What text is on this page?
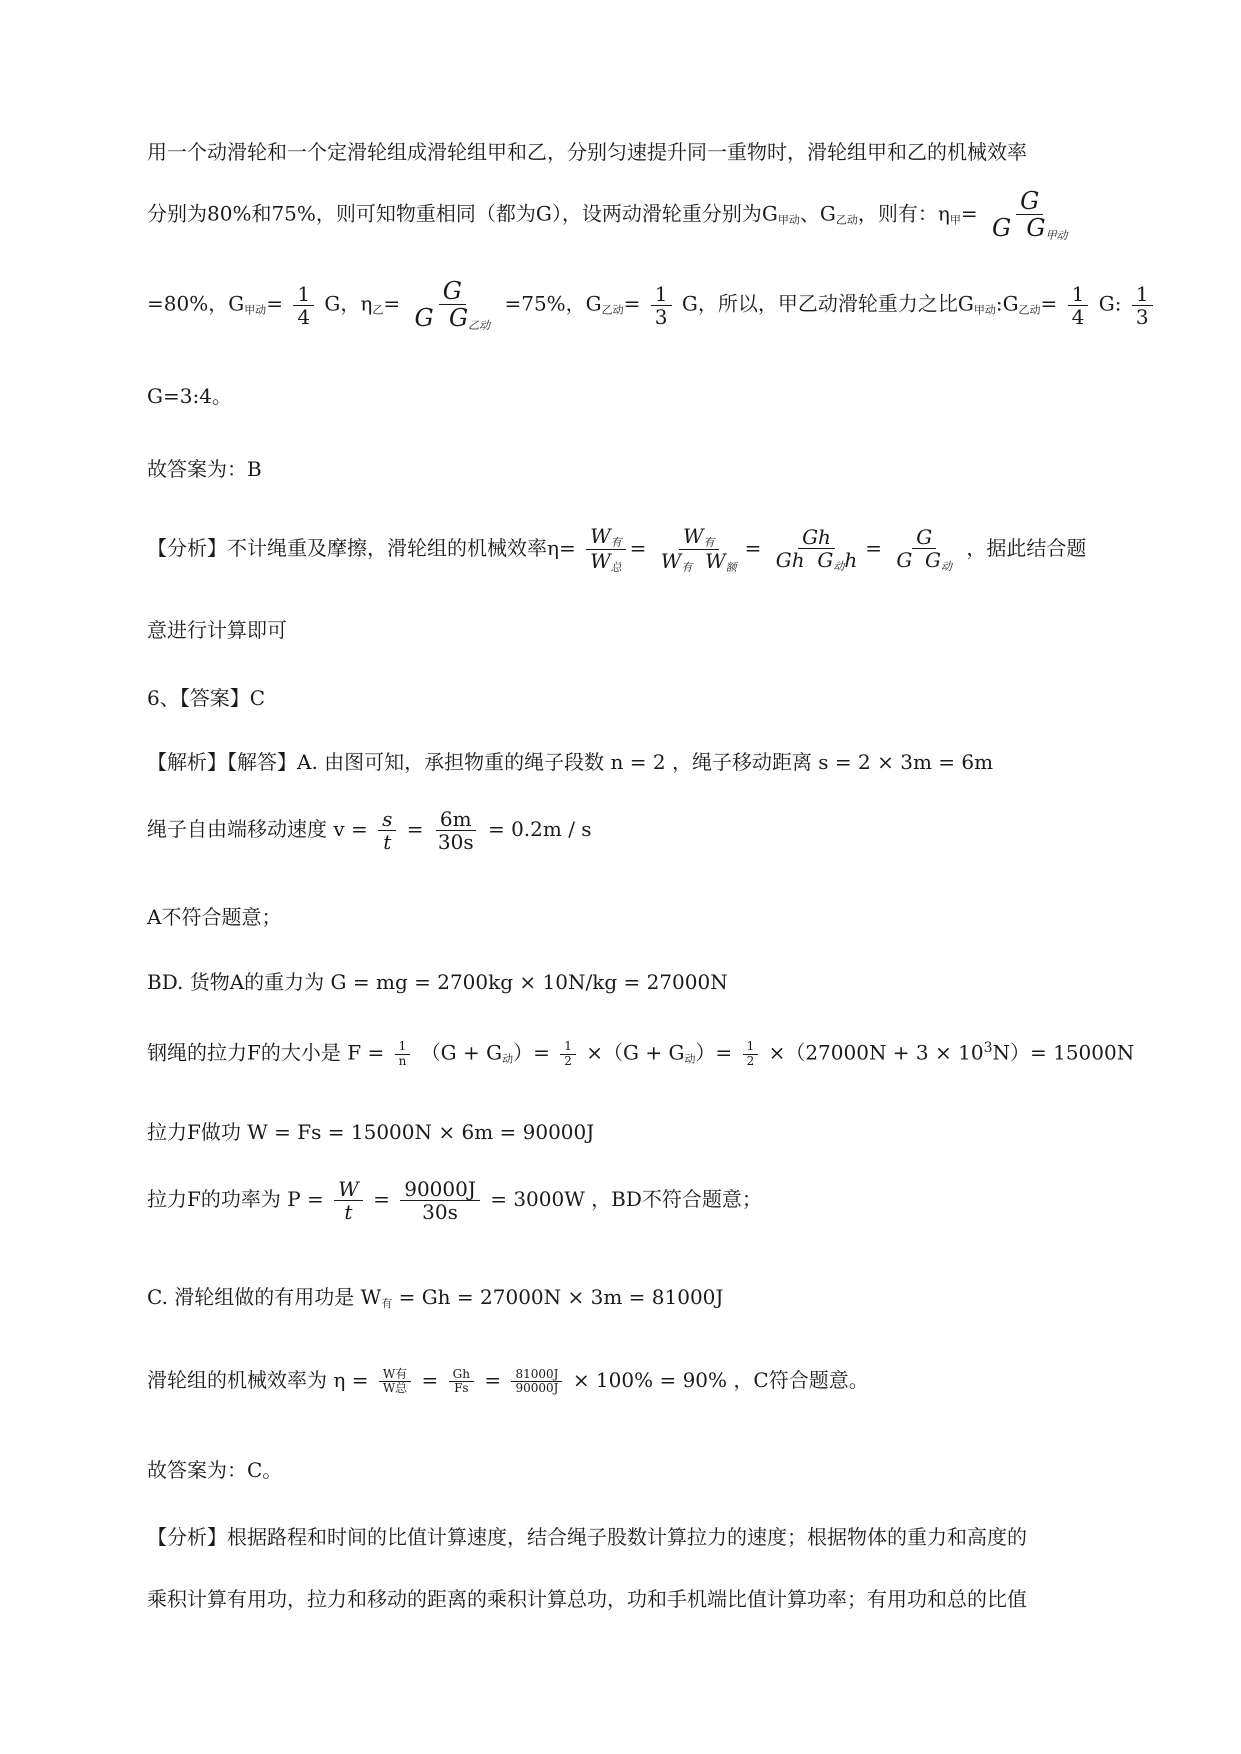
用一个动滑轮和一个定滑轮组成滑轮组甲和乙，分别匀速提升同一重物时，滑轮组甲和乙的机械效率
分别为80%和75%，则可知物重相同（都为G），设两动滑轮重分别为$G_{甲动}$、$G_{乙动}$，则有：$\eta_甲= \frac{G}{G G_{甲动}}$
=80%，$G_{甲动}= \frac{1}{4}$ G，$\eta_乙= \frac{G}{G G_{乙动}} =75\%$，$G_{乙动}= \frac{1}{3}$ G，所以，甲乙动滑轮重力之比$G_{甲动}:G_{乙动}= \frac{1}{4} G$: $\frac{1}{3}$
G=3:4。
故答案为：B
【分析】不计绳重及摩擦，滑轮组的机械效率$\eta= \frac{W_有}{W_总} = \frac{W_有}{W_有 W_额} = \frac{Gh}{Gh G_动h} = \frac{G}{G G_动}$ ，据此结合题
意进行计算即可
6、【答案】C
【解析】【解答】A. 由图可知，承担物重的绳子段数 n = 2 ，绳子移动距离 s = 2 × 3m = 6m
绳子自由端移动速度 $v = \frac{s}{t} = \frac{6m}{30s} = 0.2m / s$
A不符合题意；
BD. 货物A的重力为 G = mg = 2700kg × 10N/kg = 27000N
钢绳的拉力F的大小是 $F = \frac{1}{n} (G + G_动)= \frac{1}{2} \times(G + G_动)= \frac{1}{2} \times(27000N + 3 \times 10^3N)= 15000N$
拉力F做功 W = Fs = 15000N × 6m = 90000J
拉力F的功率为 $P = \frac{W}{t} = \frac{90000J}{30s} = 3000W$ ，BD不符合题意；
C. 滑轮组做的有用功是 $W_有 = Gh = 27000N \times 3m = 81000J$
滑轮组的机械效率为 $\eta = \frac{\text{W有}}{\text{W总}} = \frac{Gh}{Fs} = \frac{81000J}{90000J} \times 100\% = 90\%$ ，C符合题意。
故答案为：C。
【分析】根据路程和时间的比值计算速度，结合绳子股数计算拉力的速度；根据物体的重力和高度的
乘积计算有用功，拉力和移动的距离的乘积计算总功，功和手机端比值计算功率；有用功和总的比值
